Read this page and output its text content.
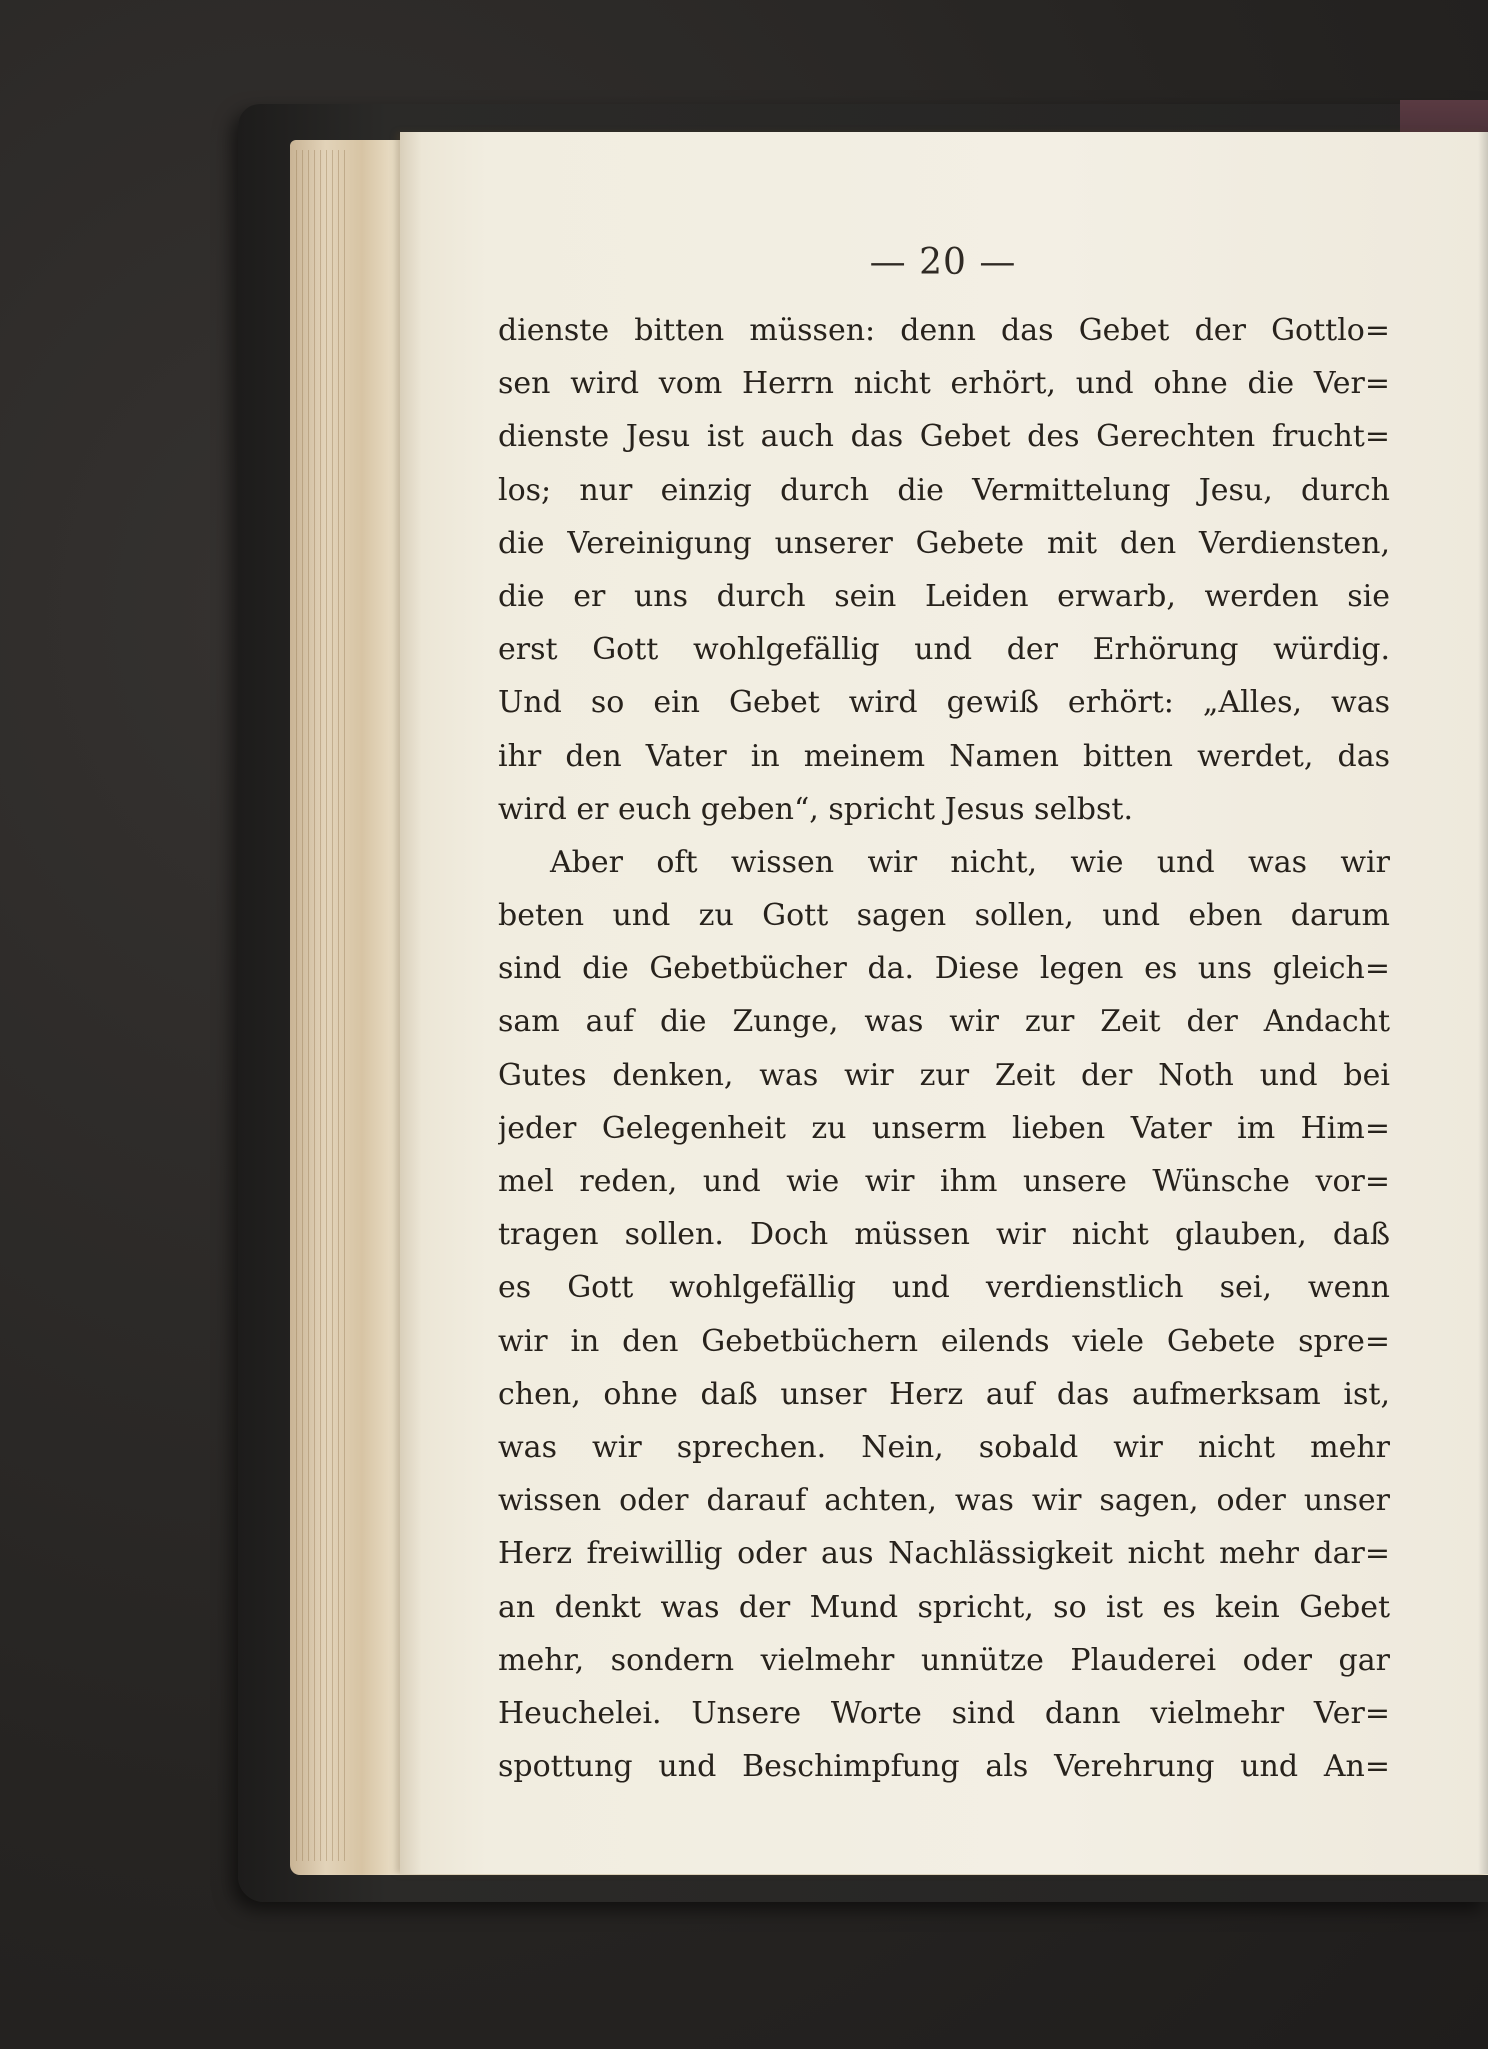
— 20 —

dienste bitten müssen: denn das Gebet der Gottlo=
sen wird vom Herrn nicht erhört, und ohne die Ver=
dienste Jesu ist auch das Gebet des Gerechten frucht=
los; nur einzig durch die Vermittelung Jesu, durch
die Vereinigung unserer Gebete mit den Verdiensten,
die er uns durch sein Leiden erwarb, werden sie
erst Gott wohlgefällig und der Erhörung würdig.
Und so ein Gebet wird gewiß erhört: „Alles, was
ihr den Vater in meinem Namen bitten werdet, das
wird er euch geben“, spricht Jesus selbst.
Aber oft wissen wir nicht, wie und was wir
beten und zu Gott sagen sollen, und eben darum
sind die Gebetbücher da. Diese legen es uns gleich=
sam auf die Zunge, was wir zur Zeit der Andacht
Gutes denken, was wir zur Zeit der Noth und bei
jeder Gelegenheit zu unserm lieben Vater im Him=
mel reden, und wie wir ihm unsere Wünsche vor=
tragen sollen. Doch müssen wir nicht glauben, daß
es Gott wohlgefällig und verdienstlich sei, wenn
wir in den Gebetbüchern eilends viele Gebete spre=
chen, ohne daß unser Herz auf das aufmerksam ist,
was wir sprechen. Nein, sobald wir nicht mehr
wissen oder darauf achten, was wir sagen, oder unser
Herz freiwillig oder aus Nachlässigkeit nicht mehr dar=
an denkt was der Mund spricht, so ist es kein Gebet
mehr, sondern vielmehr unnütze Plauderei oder gar
Heuchelei. Unsere Worte sind dann vielmehr Ver=
spottung und Beschimpfung als Verehrung und An=
